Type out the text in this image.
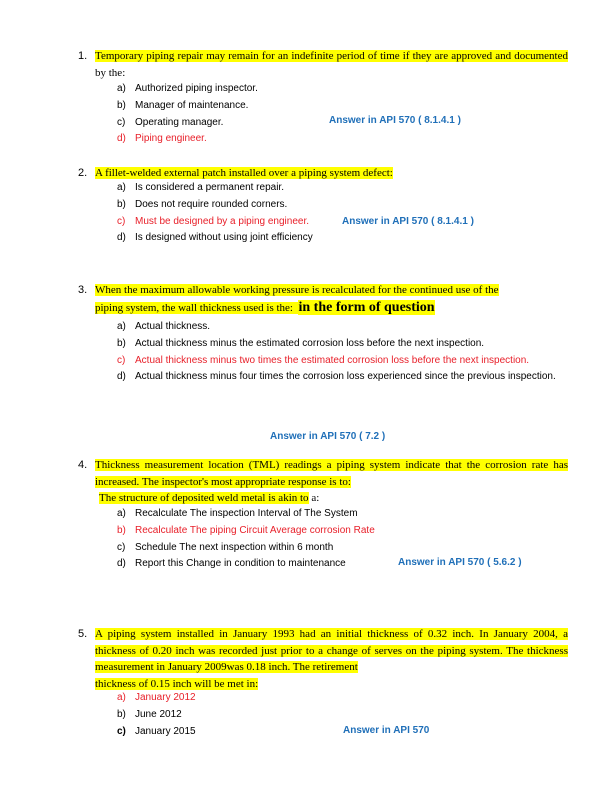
1. Temporary piping repair may remain for an indefinite period of time if they are approved and documented by the:
a) Authorized piping inspector.
b) Manager of maintenance.
c) Operating manager.
d) Piping engineer.
Answer in API 570 ( 8.1.4.1 )
2. A fillet-welded external patch installed over a piping system defect:
a) Is considered a permanent repair.
b) Does not require rounded corners.
c) Must be designed by a piping engineer.
d) Is designed without using joint efficiency
Answer in API 570 ( 8.1.4.1 )
3. When the maximum allowable working pressure is recalculated for the continued use of the
piping system, the wall thickness used is the: in the form of question
a) Actual thickness.
b) Actual thickness minus the estimated corrosion loss before the next inspection.
c) Actual thickness minus two times the estimated corrosion loss before the next inspection.
d) Actual thickness minus four times the corrosion loss experienced since the previous inspection.
Answer in API 570 ( 7.2 )
4. Thickness measurement location (TML) readings a piping system indicate that the corrosion rate has increased. The inspector's most appropriate response is to:
The structure of deposited weld metal is akin to a:
a) Recalculate The inspection Interval of The System
b) Recalculate The piping Circuit Average corrosion Rate
c) Schedule The next inspection within 6 month
d) Report this Change in condition to maintenance	Answer in API 570 ( 5.6.2 )
5. A piping system installed in January 1993 had an initial thickness of 0.32 inch. In January 2004, a thickness of 0.20 inch was recorded just prior to a change of serves on the piping system. The thickness measurement in January 2009was 0.18 inch. The retirement
thickness of 0.15 inch will be met in:
a) January 2012
b) June 2012
c) January 2015	Answer in API 570
